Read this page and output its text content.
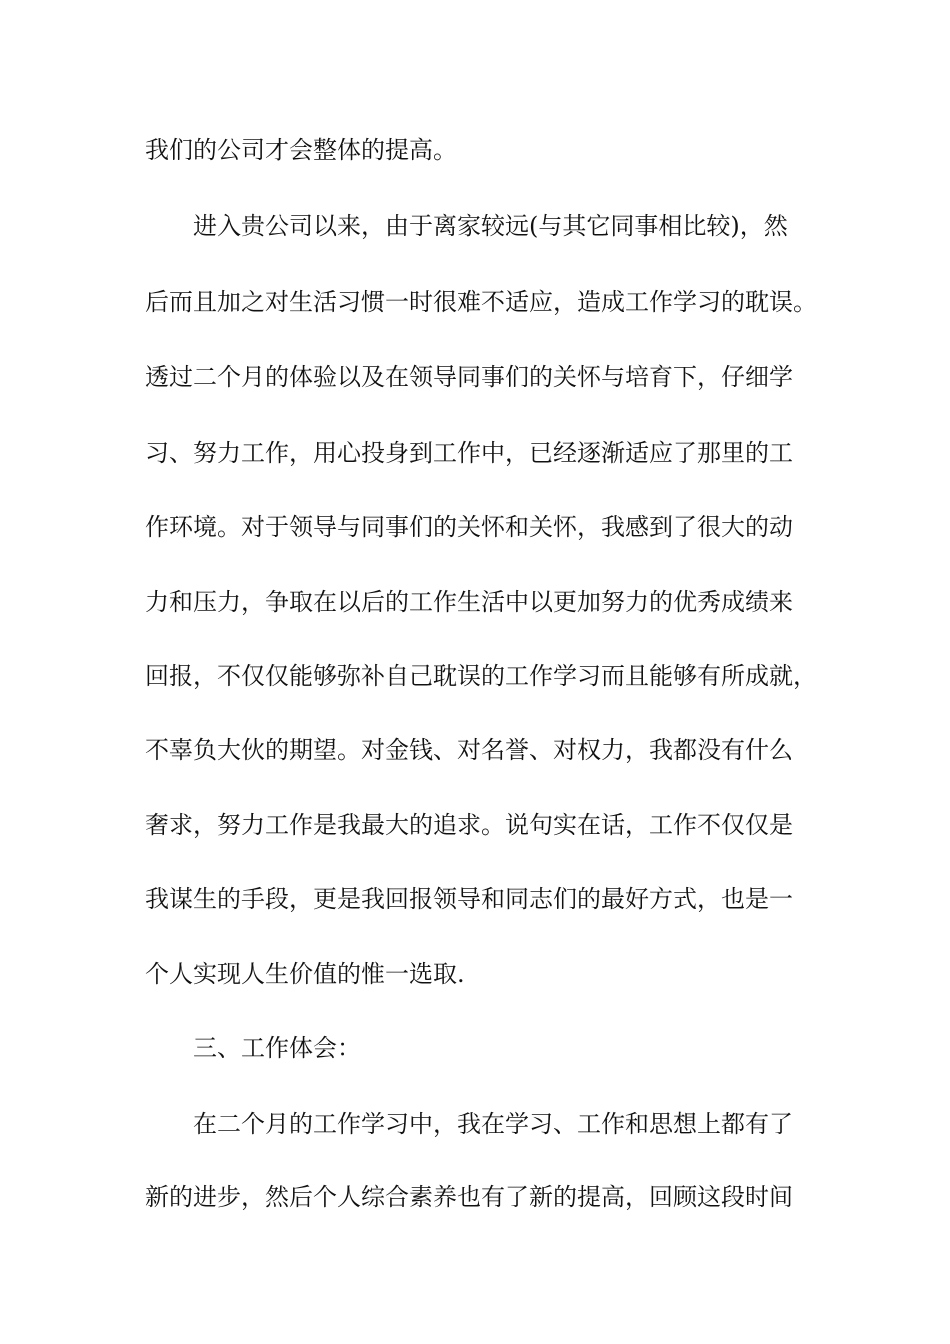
我们的公司才会整体的提高。
进入贵公司以来，由于离家较远(与其它同事相比较)，然
后而且加之对生活习惯一时很难不适应，造成工作学习的耽误。
透过二个月的体验以及在领导同事们的关怀与培育下，仔细学
习、努力工作，用心投身到工作中，已经逐渐适应了那里的工
作环境。对于领导与同事们的关怀和关怀，我感到了很大的动
力和压力，争取在以后的工作生活中以更加努力的优秀成绩来
回报，不仅仅能够弥补自己耽误的工作学习而且能够有所成就，
不辜负大伙的期望。对金钱、对名誉、对权力，我都没有什么
奢求，努力工作是我最大的追求。说句实在话，工作不仅仅是
我谋生的手段，更是我回报领导和同志们的最好方式，也是一
个人实现人生价值的惟一选取.
三、工作体会：
在二个月的工作学习中，我在学习、工作和思想上都有了
新的进步，然后个人综合素养也有了新的提高，回顾这段时间
